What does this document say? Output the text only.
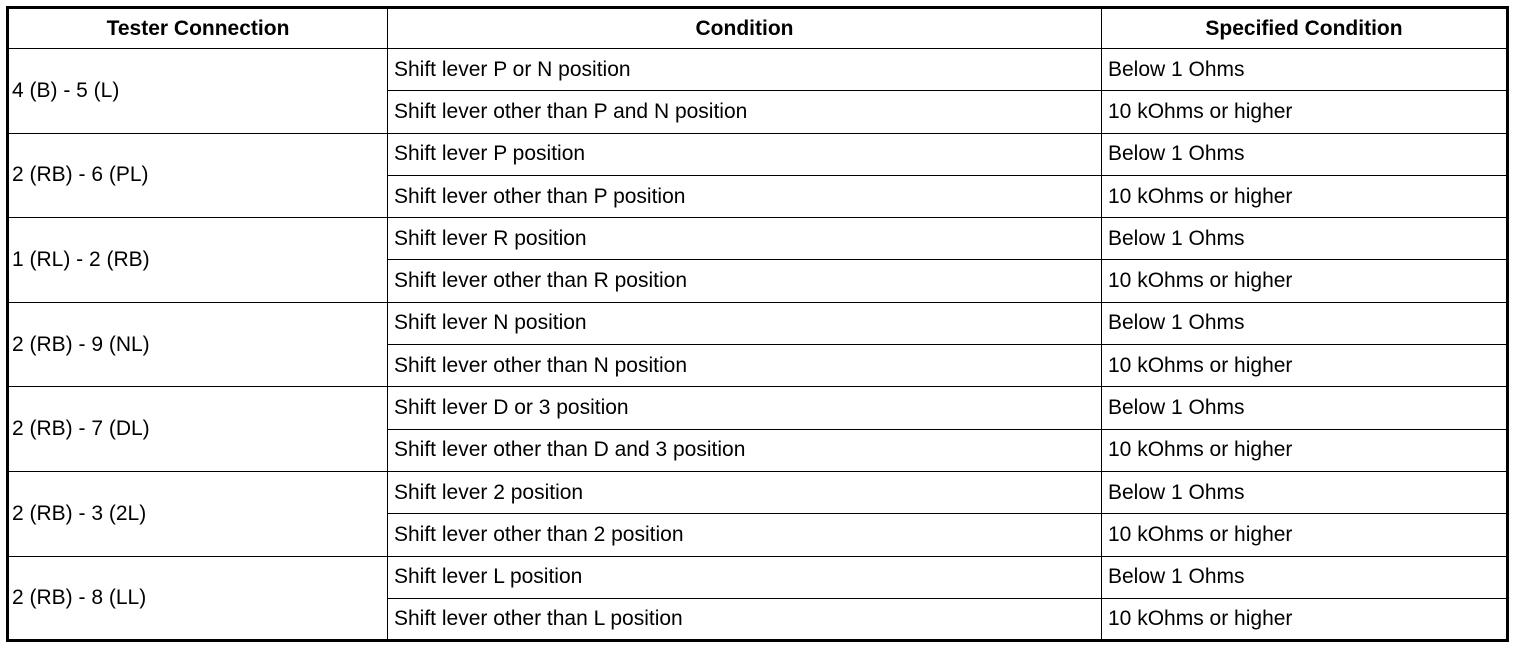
Tester Connection	Condition	Specified Condition
4 (B) - 5 (L)	Shift lever P or N position	Below 1 Ohms
	Shift lever other than P and N position	10 kOhms or higher
2 (RB) - 6 (PL)	Shift lever P position	Below 1 Ohms
	Shift lever other than P position	10 kOhms or higher
1 (RL) - 2 (RB)	Shift lever R position	Below 1 Ohms
	Shift lever other than R position	10 kOhms or higher
2 (RB) - 9 (NL)	Shift lever N position	Below 1 Ohms
	Shift lever other than N position	10 kOhms or higher
2 (RB) - 7 (DL)	Shift lever D or 3 position	Below 1 Ohms
	Shift lever other than D and 3 position	10 kOhms or higher
2 (RB) - 3 (2L)	Shift lever 2 position	Below 1 Ohms
	Shift lever other than 2 position	10 kOhms or higher
2 (RB) - 8 (LL)	Shift lever L position	Below 1 Ohms
	Shift lever other than L position	10 kOhms or higher
